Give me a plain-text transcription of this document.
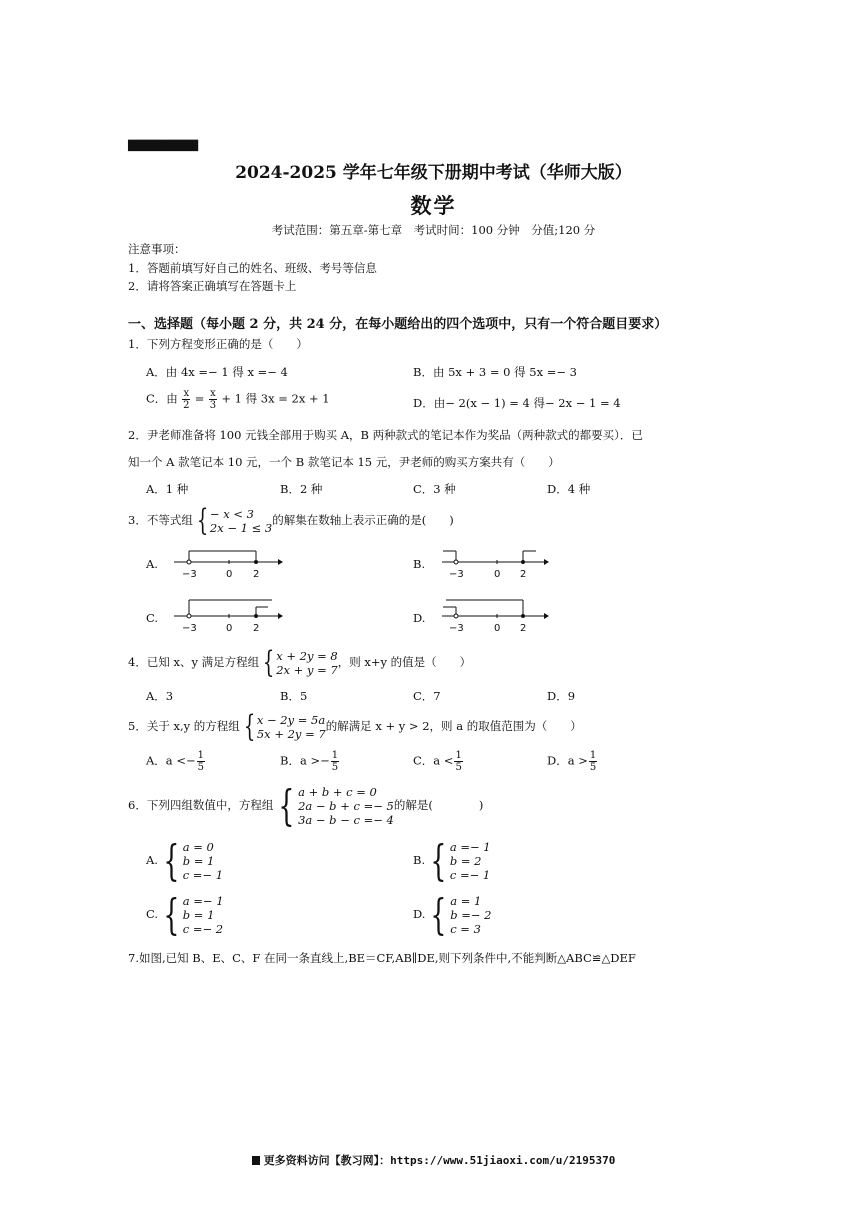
▆▆▆▆▆▆▆
2024-2025 学年七年级下册期中考试（华师大版）
数学
考试范围：第五章-第七章　考试时间：100 分钟　分值;120 分
注意事项：
1．答题前填写好自己的姓名、班级、考号等信息
2．请将答案正确填写在答题卡上
一、选择题（每小题 2 分，共 24 分，在每小题给出的四个选项中，只有一个符合题目要求）
1．下列方程变形正确的是（　　）
A．由 4x =− 1 得 x =− 4	B．由 5x + 3 = 0 得 5x =− 3
C．由 $\frac{x}{2} = \frac{x}{3} + 1$ 得 3x = 2x + 1	D．由− 2(x − 1) = 4 得− 2x − 1 = 4
2．尹老师准备将 100 元钱全部用于购买 A，B 两种款式的笔记本作为奖品（两种款式的都要买）．已
知一个 A 款笔记本 10 元，一个 B 款笔记本 15 元，尹老师的购买方案共有（　　）
A．1 种	B．2 种	C．3 种	D．4 种
3．不等式组 { − x < 3
2x − 1 ≤ 3
的解集在数轴上表示正确的是(　　)
A.
−3	0 2
B.
−3	0 2
C.
−3	0 2
D.
−3	0 2
4．已知 x、y 满足方程组 { x + 2y = 8
2x + y = 7
，则 x+y 的值是（　　）
A．3	B．5	C．7	D．9
5．关于 x,y 的方程组 { x − 2y = 5a
5x + 2y = 7
的解满足 x + y > 2，则 a 的取值范围为（　　）
A．$a <- \frac{1}{5}$	B．$a >- \frac{1}{5}$	C．$a < \frac{1}{5}$	D．$a > \frac{1}{5}$
6．下列四组数值中，方程组 { a + b + c = 0
2a − b + c =− 5
3a − b − c =− 4
的解是(　　　　)
A. { a = 0
b = 1
c =− 1
B. { a =− 1
b = 2
c =− 1
C. { a =− 1
b = 1
c =− 2
D. { a = 1
b =− 2
c = 3
7.如图,已知 B、E、C、F 在同一条直线上,BE＝CF,AB∥DE,则下列条件中,不能判断△ABC≌△DEF
更多资料访问【教习网】：https://www.51jiaoxi.com/u/2195370
